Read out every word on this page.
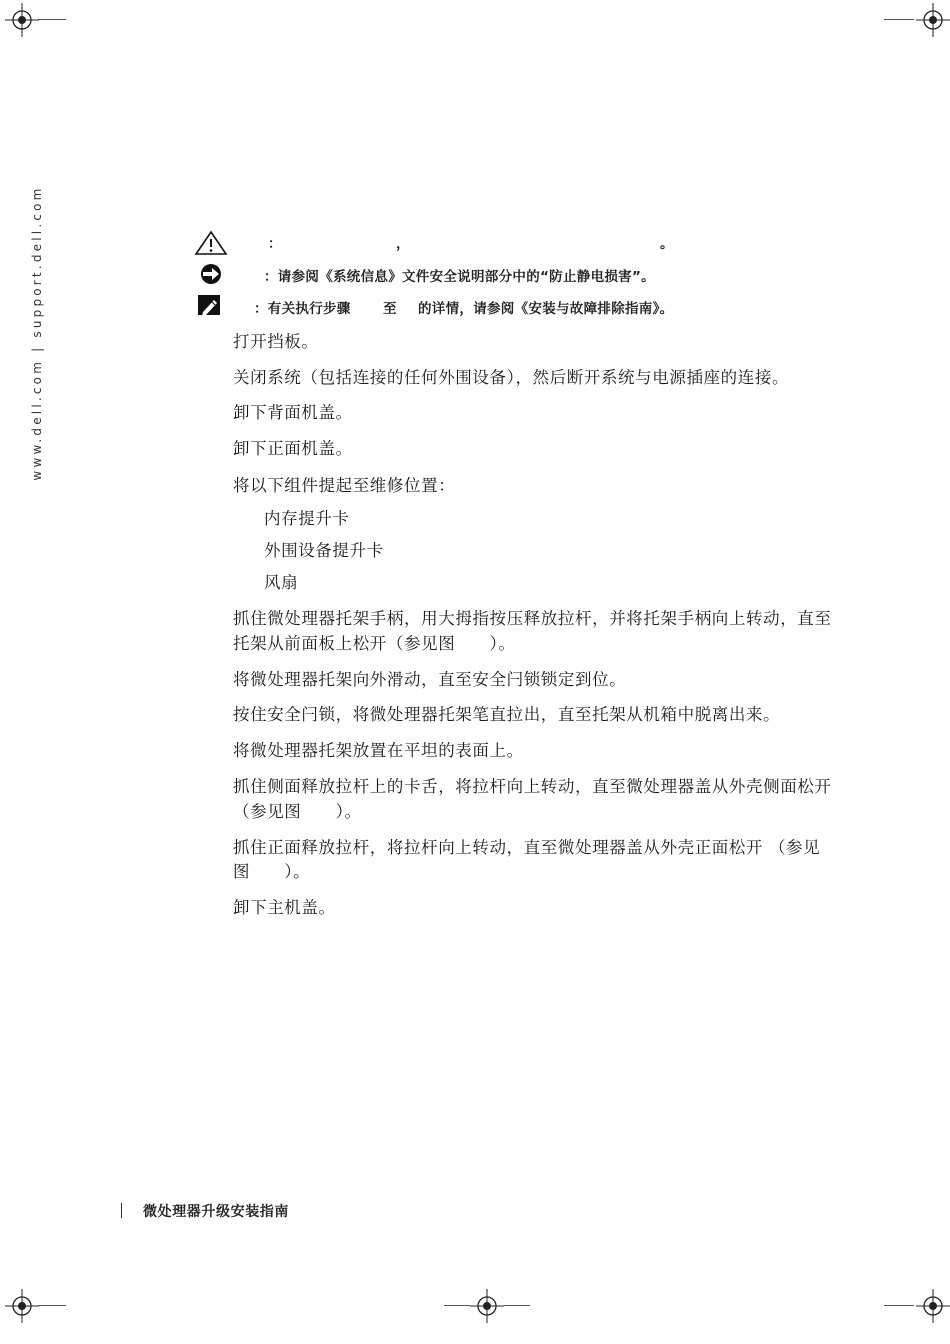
www.dell.com | support.dell.com	：	，	。
：请参阅《系统信息》文件安全说明部分中的“防止静电损害”。
：有关执行步骤 至 的详情，请参阅《安装与故障排除指南》。
打开挡板。
关闭系统（包括连接的任何外围设备），然后断开系统与电源插座的连接。
卸下背面机盖。
卸下正面机盖。
将以下组件提起至维修位置：
内存提升卡
外围设备提升卡
风扇
抓住微处理器托架手柄，用大拇指按压释放拉杆，并将托架手柄向上转动，直至
托架从前面板上松开（参见图　　）。
将微处理器托架向外滑动，直至安全闩锁锁定到位。
按住安全闩锁，将微处理器托架笔直拉出，直至托架从机箱中脱离出来。
将微处理器托架放置在平坦的表面上。
抓住侧面释放拉杆上的卡舌，将拉杆向上转动，直至微处理器盖从外壳侧面松开
（参见图　　）。
抓住正面释放拉杆，将拉杆向上转动，直至微处理器盖从外壳正面松开 （参见
图　　）。
卸下主机盖。
微处理器升级安装指南
